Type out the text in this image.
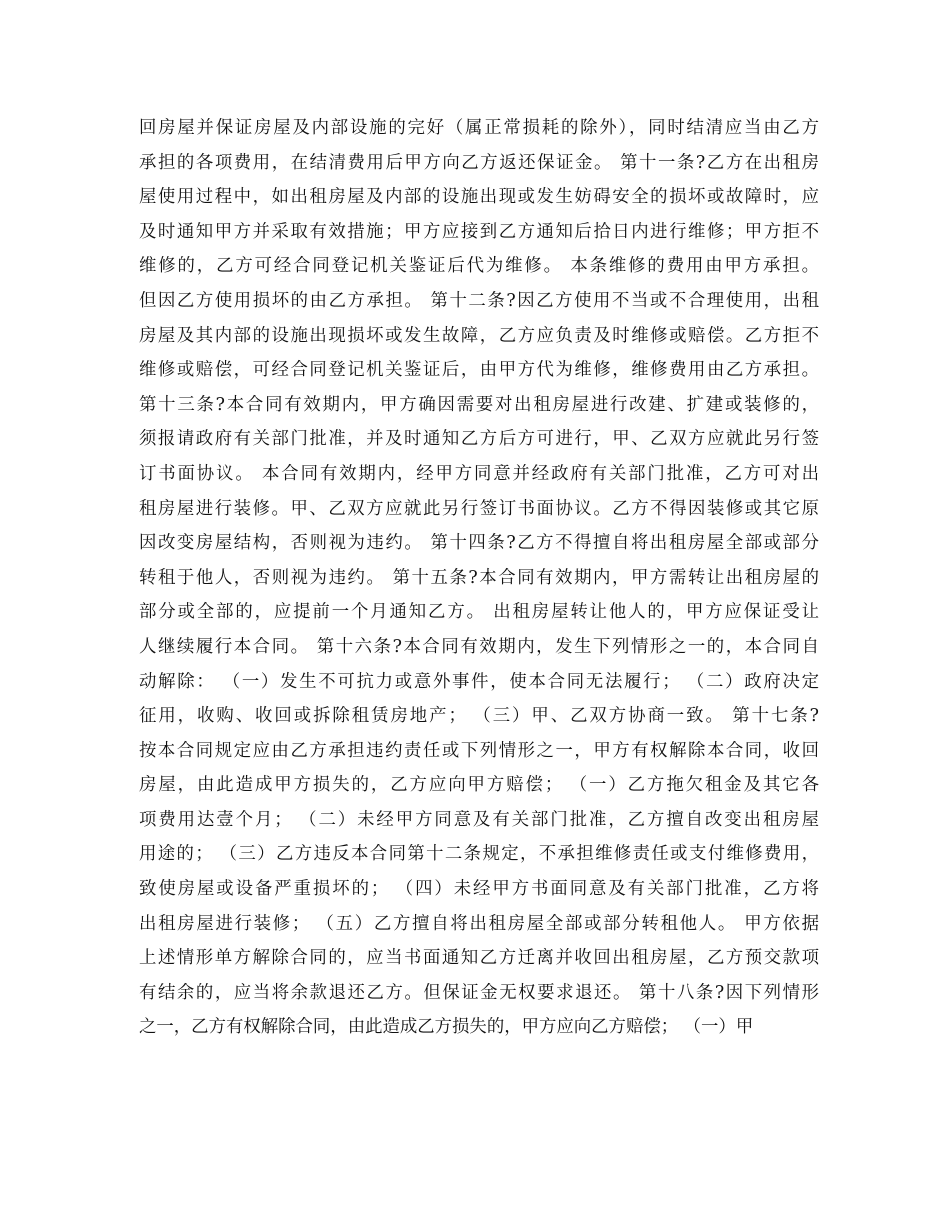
回房屋并保证房屋及内部设施的完好（属正常损耗的除外），同时结清应当由乙方
承担的各项费用，在结清费用后甲方向乙方返还保证金。 第十一条?乙方在出租房
屋使用过程中，如出租房屋及内部的设施出现或发生妨碍安全的损坏或故障时，应
及时通知甲方并采取有效措施；甲方应接到乙方通知后拾日内进行维修；甲方拒不
维修的，乙方可经合同登记机关鉴证后代为维修。 本条维修的费用由甲方承担。
但因乙方使用损坏的由乙方承担。 第十二条?因乙方使用不当或不合理使用，出租
房屋及其内部的设施出现损坏或发生故障，乙方应负责及时维修或赔偿。乙方拒不
维修或赔偿，可经合同登记机关鉴证后，由甲方代为维修，维修费用由乙方承担。
第十三条?本合同有效期内，甲方确因需要对出租房屋进行改建、扩建或装修的，
须报请政府有关部门批准，并及时通知乙方后方可进行，甲、乙双方应就此另行签
订书面协议。 本合同有效期内，经甲方同意并经政府有关部门批准，乙方可对出
租房屋进行装修。甲、乙双方应就此另行签订书面协议。乙方不得因装修或其它原
因改变房屋结构，否则视为违约。 第十四条?乙方不得擅自将出租房屋全部或部分
转租于他人，否则视为违约。 第十五条?本合同有效期内，甲方需转让出租房屋的
部分或全部的，应提前一个月通知乙方。 出租房屋转让他人的，甲方应保证受让
人继续履行本合同。 第十六条?本合同有效期内，发生下列情形之一的，本合同自
动解除： （一）发生不可抗力或意外事件，使本合同无法履行； （二）政府决定
征用，收购、收回或拆除租赁房地产； （三）甲、乙双方协商一致。 第十七条?
按本合同规定应由乙方承担违约责任或下列情形之一，甲方有权解除本合同，收回
房屋，由此造成甲方损失的，乙方应向甲方赔偿； （一）乙方拖欠租金及其它各
项费用达壹个月； （二）未经甲方同意及有关部门批准，乙方擅自改变出租房屋
用途的； （三）乙方违反本合同第十二条规定，不承担维修责任或支付维修费用，
致使房屋或设备严重损坏的； （四）未经甲方书面同意及有关部门批准，乙方将
出租房屋进行装修； （五）乙方擅自将出租房屋全部或部分转租他人。 甲方依据
上述情形单方解除合同的，应当书面通知乙方迁离并收回出租房屋，乙方预交款项
有结余的，应当将余款退还乙方。但保证金无权要求退还。 第十八条?因下列情形
之一，乙方有权解除合同，由此造成乙方损失的，甲方应向乙方赔偿； （一）甲
